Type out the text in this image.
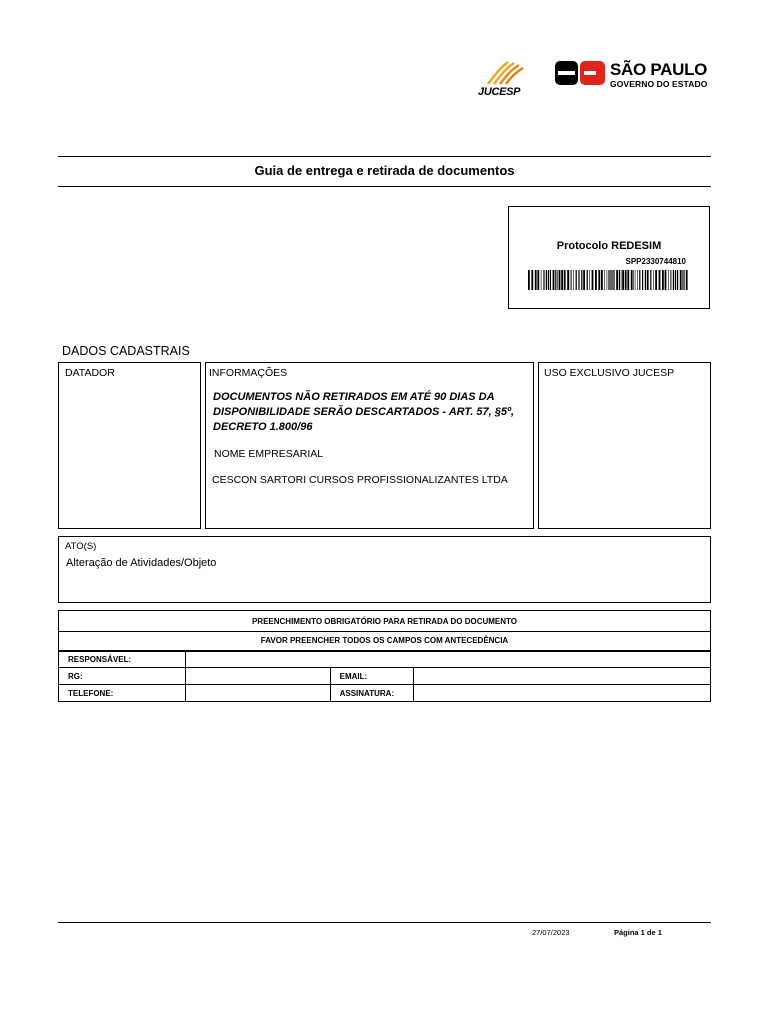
JUCESP
SÃO PAULO
GOVERNO DO ESTADO
Guia de entrega e retirada de documentos
Protocolo REDESIM
SPP2330744810
DADOS CADASTRAIS
DATADOR	INFORMAÇÕES	USO EXCLUSIVO JUCESP
DOCUMENTOS NÃO RETIRADOS EM ATÉ 90 DIAS DA DISPONIBILIDADE SERÃO DESCARTADOS - ART. 57, §5º, DECRETO 1.800/96
NOME EMPRESARIAL
CESCON SARTORI CURSOS PROFISSIONALIZANTES LTDA
ATO(S)
Alteração de Atividades/Objeto
PREENCHIMENTO OBRIGATÓRIO PARA RETIRADA DO DOCUMENTO			
FAVOR PREENCHER TODOS OS CAMPOS COM ANTECEDÊNCIA			
RESPONSÁVEL:			
RG:		EMAIL:	
TELEFONE:		ASSINATURA:	
27/07/2023	Página 1 de 1
